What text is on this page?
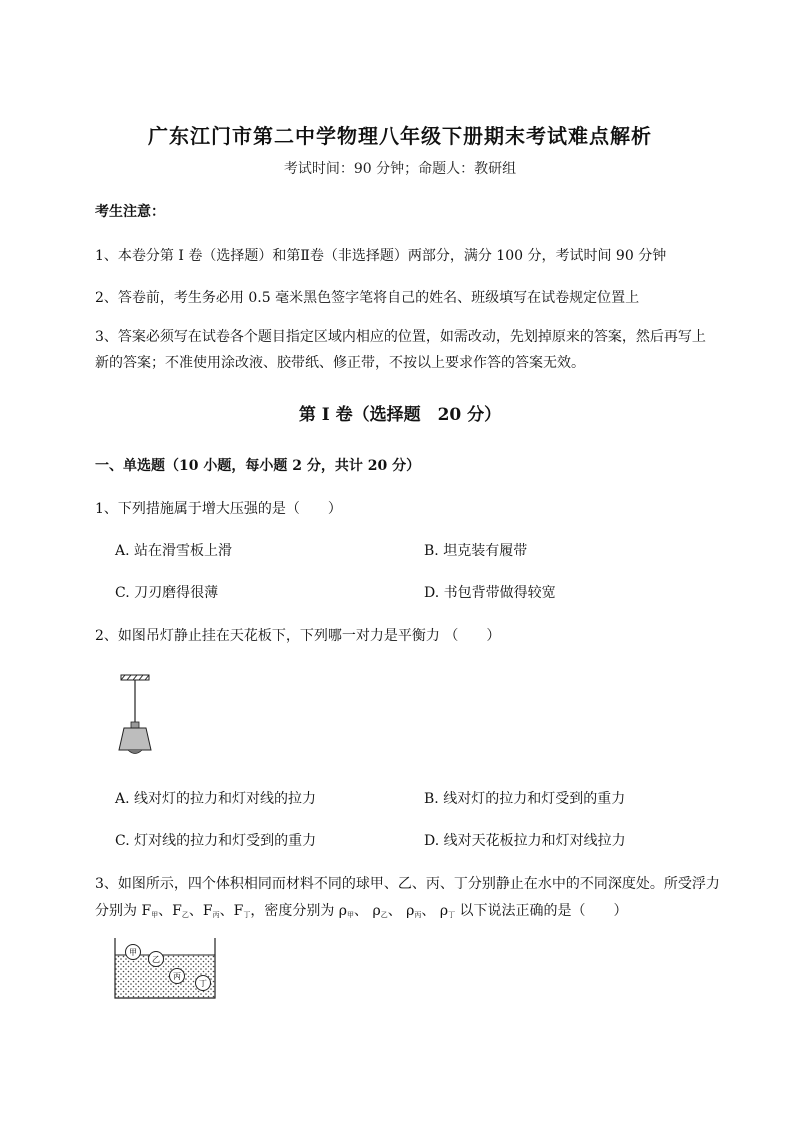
广东江门市第二中学物理八年级下册期末考试难点解析
考试时间：90 分钟；命题人：教研组
考生注意：
1、本卷分第 I 卷（选择题）和第Ⅱ卷（非选择题）两部分，满分 100 分，考试时间 90 分钟
2、答卷前，考生务必用 0.5 毫米黑色签字笔将自己的姓名、班级填写在试卷规定位置上
3、答案必须写在试卷各个题目指定区域内相应的位置，如需改动，先划掉原来的答案，然后再写上新的答案；不准使用涂改液、胶带纸、修正带，不按以上要求作答的答案无效。
第 I 卷（选择题　20 分）
一、单选题（10 小题，每小题 2 分，共计 20 分）
1、下列措施属于增大压强的是（　　）
A. 站在滑雪板上滑	B. 坦克装有履带
C. 刀刃磨得很薄	D. 书包背带做得较宽
2、如图吊灯静止挂在天花板下，下列哪一对力是平衡力 （　　）
A. 线对灯的拉力和灯对线的拉力	B. 线对灯的拉力和灯受到的重力
C. 灯对线的拉力和灯受到的重力	D. 线对天花板拉力和灯对线拉力
3、如图所示，四个体积相同而材料不同的球甲、乙、丙、丁分别静止在水中的不同深度处。所受浮力
分别为 $F_甲$、$F_乙$、$F_丙$、$F_丁$，密度分别为 $\rho_甲$、 $\rho_乙$、 $\rho_丙$、 $\rho_丁$ 以下说法正确的是（　　）
甲
乙
丙
丁
